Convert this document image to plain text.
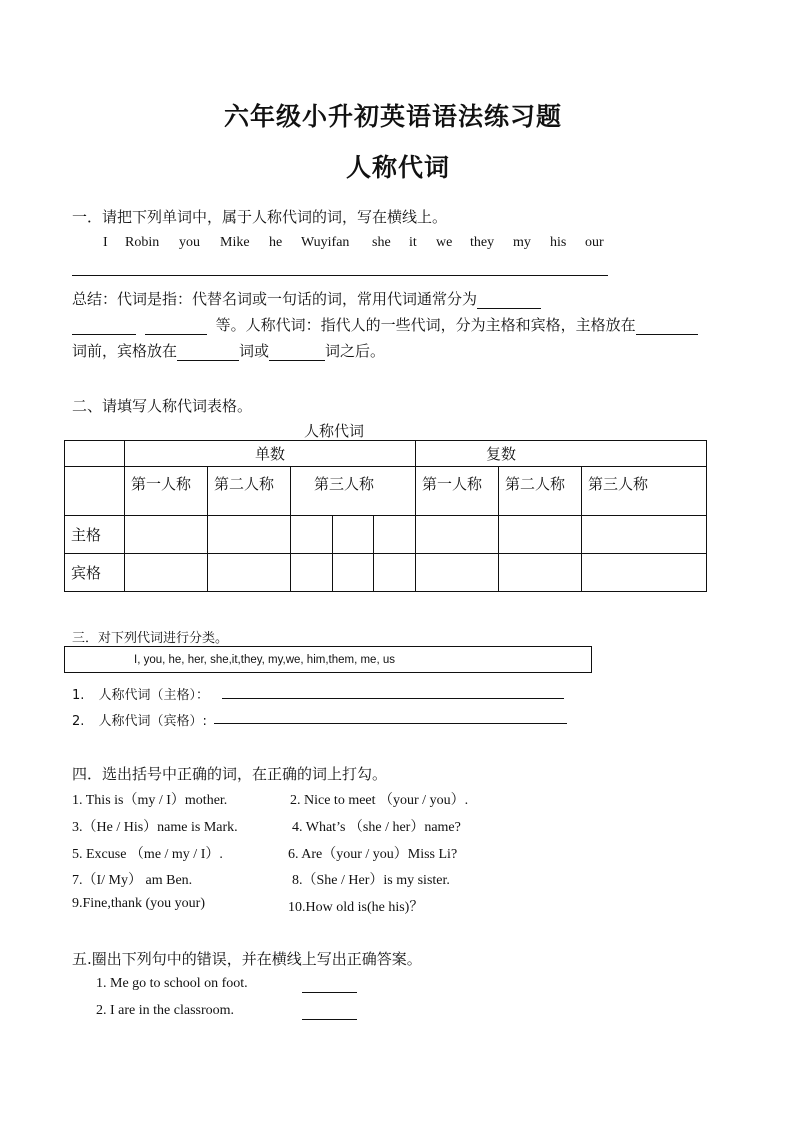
六年级小升初英语语法练习题
人称代词
一．请把下列单词中，属于人称代词的词，写在横线上。
I Robin you Mike he Wuyifan she it we they my his our
总结：代词是指：代替名词或一句话的词，常用代词通常分为
等。人称代词：指代人的一些代词，分为主格和宾格，主格放在
词前，宾格放在	词或	词之后。
二、请填写人称代词表格。
人称代词
	单数					复数		
	第一人称	第二人称	第三人称			第一人称	第二人称	第三人称
主格								
宾格								
三．对下列代词进行分类。
I, you, he, her, she,it,they, my,we, him,them, me, us
1. 人称代词（主格）：
2. 人称代词（宾格）:
四．选出括号中正确的词，在正确的词上打勾。
1. This is（my / I）mother.	2. Nice to meet （your / you）.
3.（He / His）name is Mark.	4. What’s （she / her）name?
5. Excuse （me / my / I）.	6. Are（your / you）Miss Li?
7.（I/ My） am Ben.	8.（She / Her）is my sister.
9.Fine,thank (you your)	10.How old is(he his)？
五.圈出下列句中的错误，并在横线上写出正确答案。
1. Me go to school on foot.
2. I are in the classroom.
